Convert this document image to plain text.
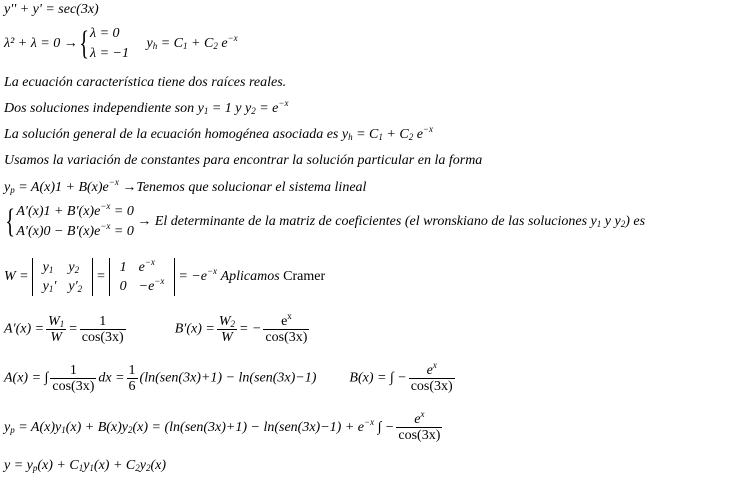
y'' + y' = sec(3x)
λ² + λ = 0 →{ λ = 0
λ = −1
$y_h = C_1 + C_2$ $e^{-x}$
La ecuación característica tiene dos raíces reales.
Dos soluciones independiente son $y_1 = 1$ y $y_2 = e^{-x}$
La solución general de la ecuación homogénea asociada es $y_h = C_1 + C_2$ $e^{-x}$
Usamos la variación de constantes para encontrar la solución particular en la forma
$y_p = A(x)1 + B(x)e^{-x}$ →Tenemos que solucionar el sistema lineal
{ $A'(x)1 + B'(x)e^{-x} = 0$
$A'(x)0 - B'(x)e^{-x} = 0$
→ El determinante de la matriz de coeficientes (el wronskiano de las soluciones $y_1$ y $y_2$) es
W =
$y_1$	$y_2$
$y_1'$	$y'_2$
=
1	$e^{-x}$
0	$-e^{-x} = -e^{-x}$ Aplicamos Cramer
$A'(x) = \frac{W_1}{W} = \frac{1}{\cos(3x)}$	$B'(x) = \frac{W_2}{W}$ = − $\frac{e^x}{\cos(3x)}$
A(x) = ∫ $\frac{1}{\cos(3x)}$ dx = $\frac{1}{6} (\ln(sen(3x)+1) - \ln(sen(3x)-1) B(x)$ = ∫ − $\frac{e^x}{\cos(3x)}$
$y_p = A(x)y_1(x) + B(x)y_2(x) = (\ln(sen(3x)+1) - \ln(sen(3x)-1) + e^{-x}$ ∫ − $\frac{e^x}{\cos(3x)}$
$y = y_p(x) + C_1y_1(x) + C_2y_2(x)$
